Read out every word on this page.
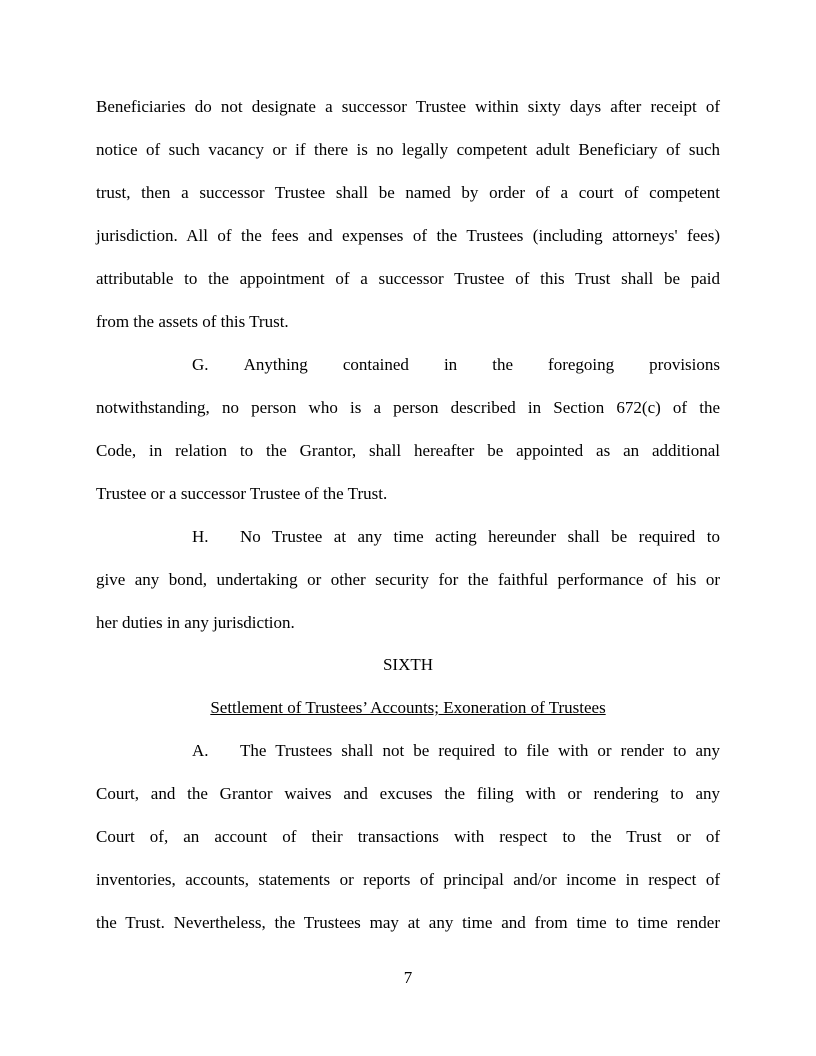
Beneficiaries do not designate a successor Trustee within sixty days after receipt of
notice of such vacancy or if there is no legally competent adult Beneficiary of such
trust, then a successor Trustee shall be named by order of a court of competent
jurisdiction. All of the fees and expenses of the Trustees (including attorneys' fees)
attributable to the appointment of a successor Trustee of this Trust shall be paid
from the assets of this Trust.
G. Anything contained in the foregoing provisions
notwithstanding, no person who is a person described in Section 672(c) of the
Code, in relation to the Grantor, shall hereafter be appointed as an additional
Trustee or a successor Trustee of the Trust.
H.	No Trustee at any time acting hereunder shall be required to
give any bond, undertaking or other security for the faithful performance of his or
her duties in any jurisdiction.
SIXTH
Settlement of Trustees’ Accounts; Exoneration of Trustees
A.	The Trustees shall not be required to file with or render to any
Court, and the Grantor waives and excuses the filing with or rendering to any
Court of, an account of their transactions with respect to the Trust or of
inventories, accounts, statements or reports of principal and/or income in respect of
the Trust. Nevertheless, the Trustees may at any time and from time to time render
7
